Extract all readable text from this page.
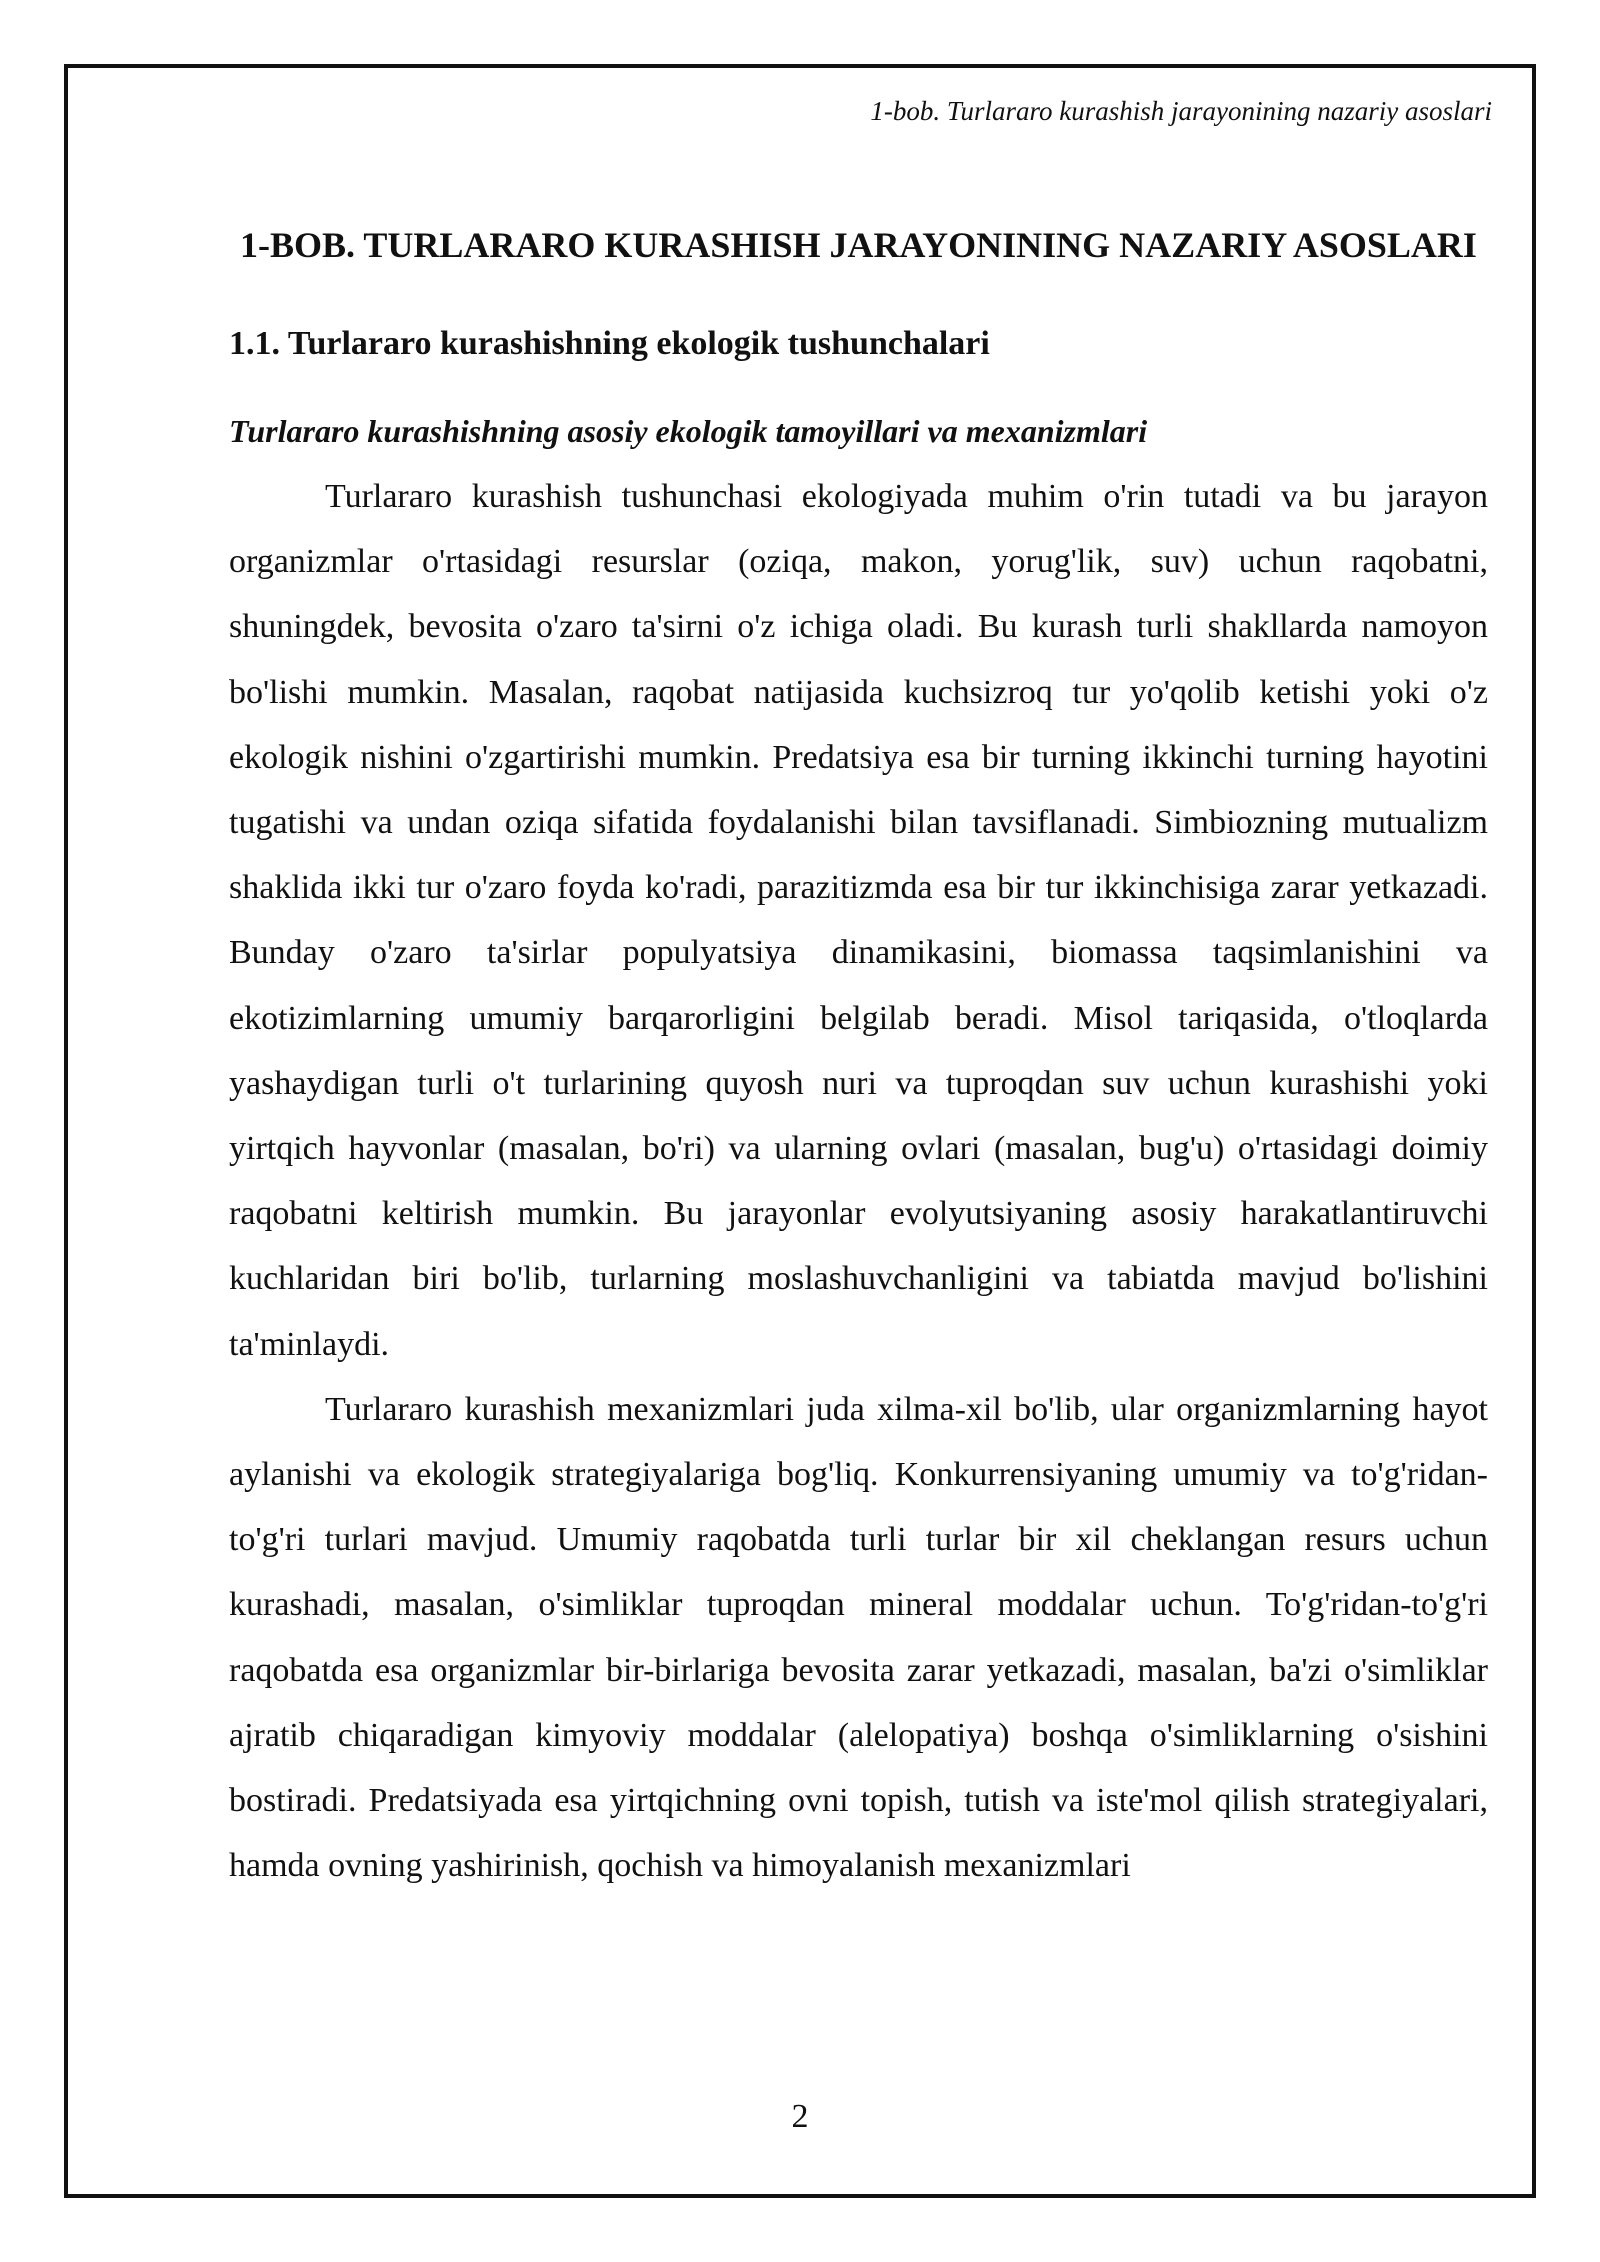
1-bob. Turlararo kurashish jarayonining nazariy asoslari
1-BOB. TURLARARO KURASHISH JARAYONINING NAZARIY ASOSLARI
1.1. Turlararo kurashishning ekologik tushunchalari
Turlararo kurashishning asosiy ekologik tamoyillari va mexanizmlari

Turlararo kurashish tushunchasi ekologiyada muhim o'rin tutadi va bu jarayon organizmlar o'rtasidagi resurslar (oziqa, makon, yorug'lik, suv) uchun raqobatni, shuningdek, bevosita o'zaro ta'sirni o'z ichiga oladi. Bu kurash turli shakllarda namoyon bo'lishi mumkin. Masalan, raqobat natijasida kuchsizroq tur yo'qolib ketishi yoki o'z ekologik nishini o'zgartirishi mumkin. Predatsiya esa bir turning ikkinchi turning hayotini tugatishi va undan oziqa sifatida foydalanishi bilan tavsiflanadi. Simbiozning mutualizm shaklida ikki tur o'zaro foyda ko'radi, parazitizmda esa bir tur ikkinchisiga zarar yetkazadi. Bunday o'zaro ta'sirlar populyatsiya dinamikasini, biomassa taqsimlanishini va ekotizimlarning umumiy barqarorligini belgilab beradi. Misol tariqasida, o'tloqlarda yashaydigan turli o't turlarining quyosh nuri va tuproqdan suv uchun kurashishi yoki yirtqich hayvonlar (masalan, bo'ri) va ularning ovlari (masalan, bug'u) o'rtasidagi doimiy raqobatni keltirish mumkin. Bu jarayonlar evolyutsiyaning asosiy harakatlantiruvchi kuchlaridan biri bo'lib, turlarning moslashuvchanligini va tabiatda mavjud bo'lishini ta'minlaydi.

Turlararo kurashish mexanizmlari juda xilma-xil bo'lib, ular organizmlarning hayot aylanishi va ekologik strategiyalariga bog'liq. Konkurrensiyaning umumiy va to'g'ridan-to'g'ri turlari mavjud. Umumiy raqobatda turli turlar bir xil cheklangan resurs uchun kurashadi, masalan, o'simliklar tuproqdan mineral moddalar uchun. To'g'ridan-to'g'ri raqobatda esa organizmlar bir-birlariga bevosita zarar yetkazadi, masalan, ba'zi o'simliklar ajratib chiqaradigan kimyoviy moddalar (alelopatiya) boshqa o'simliklarning o'sishini bostiradi. Predatsiyada esa yirtqichning ovni topish, tutish va iste'mol qilish strategiyalari, hamda ovning yashirinish, qochish va himoyalanish mexanizmlari

2
